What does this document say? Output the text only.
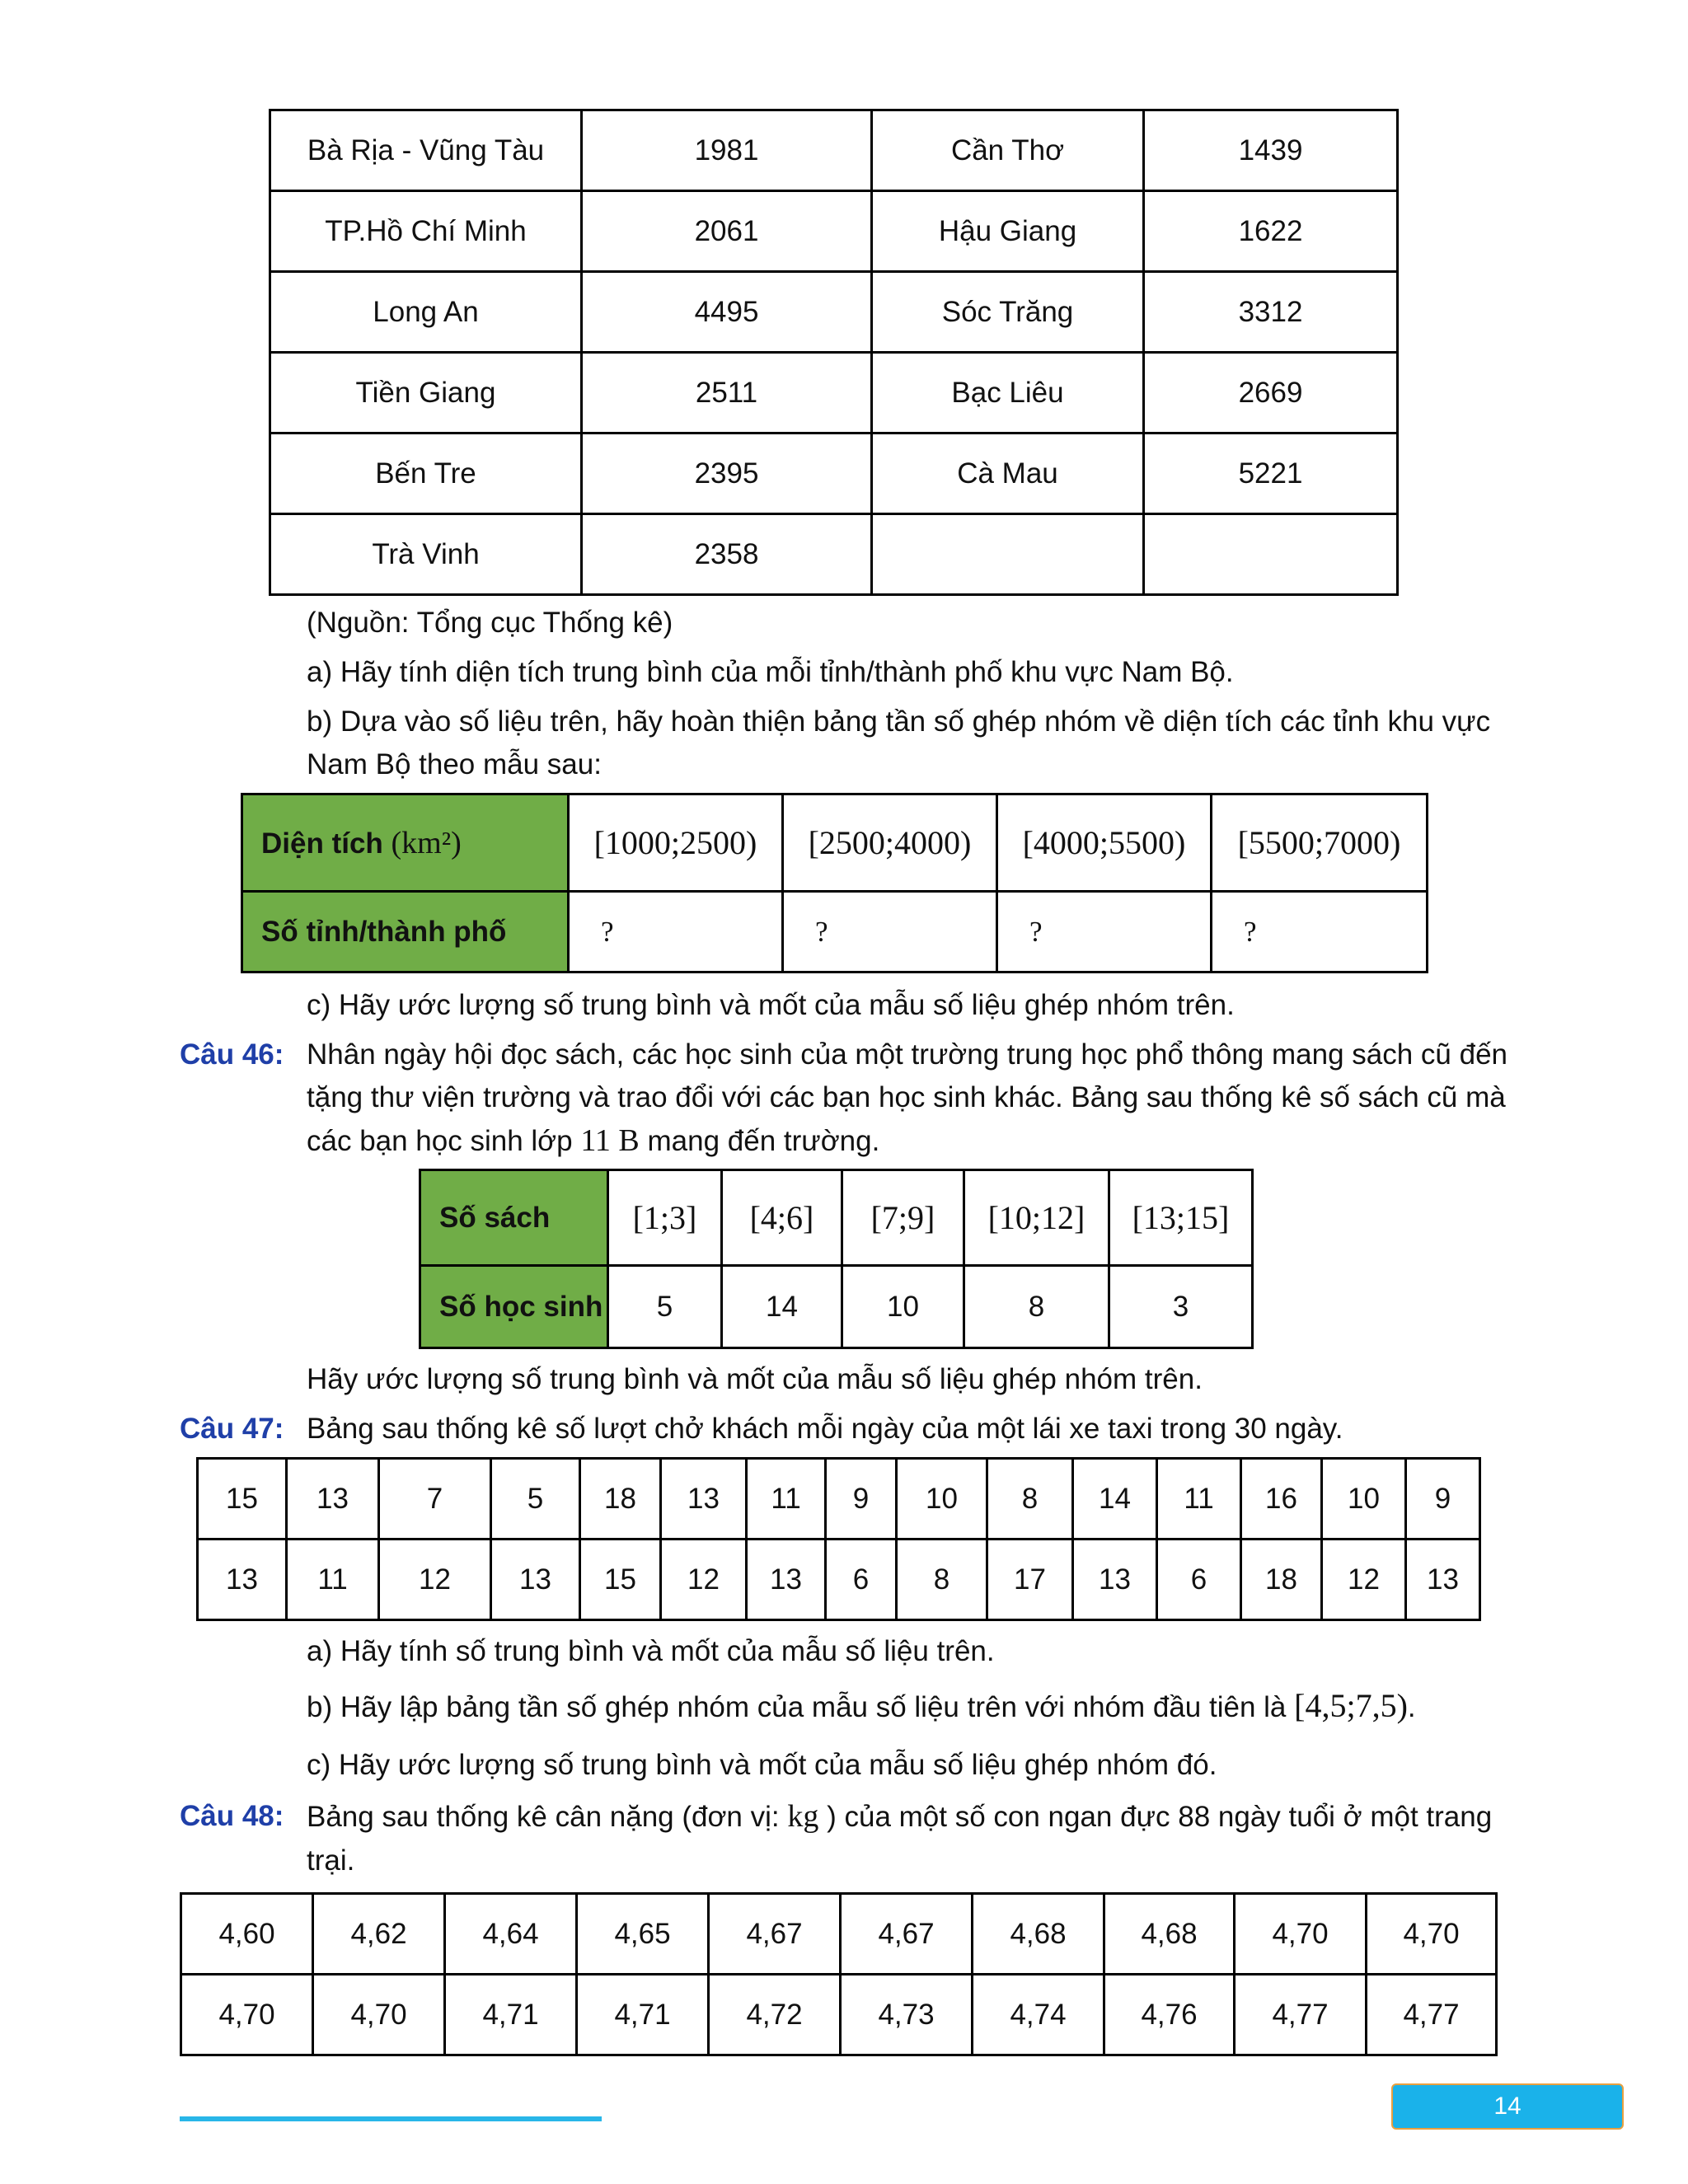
Bà Rịa - Vũng Tàu	1981	Cần Thơ	1439
TP.Hồ Chí Minh	2061	Hậu Giang	1622
Long An	4495	Sóc Trăng	3312
Tiền Giang	2511	Bạc Liêu	2669
Bến Tre	2395	Cà Mau	5221
Trà Vinh	2358		
(Nguồn: Tổng cục Thống kê)
a) Hãy tính diện tích trung bình của mỗi tỉnh/thành phố khu vực Nam Bộ.
b) Dựa vào số liệu trên, hãy hoàn thiện bảng tần số ghép nhóm về diện tích các tỉnh khu vực
Nam Bộ theo mẫu sau:
Diện tích (km²)	[1000;2500)	[2500;4000)	[4000;5500)	[5500;7000)
Số tỉnh/thành phố	?	?	?	?
c) Hãy ước lượng số trung bình và mốt của mẫu số liệu ghép nhóm trên.
Câu 46: Nhân ngày hội đọc sách, các học sinh của một trường trung học phổ thông mang sách cũ đến
tặng thư viện trường và trao đổi với các bạn học sinh khác. Bảng sau thống kê số sách cũ mà
các bạn học sinh lớp 11 B mang đến trường.
Số sách	[1;3]	[4;6]	[7;9]	[10;12]	[13;15]
Số học sinh	5	14	10	8	3
Hãy ước lượng số trung bình và mốt của mẫu số liệu ghép nhóm trên.
Câu 47: Bảng sau thống kê số lượt chở khách mỗi ngày của một lái xe taxi trong 30 ngày.
15	13	7	5	18	13	11	9	10	8	14	11	16	10	9
13	11	12	13	15	12	13	6	8	17	13	6	18	12	13
a) Hãy tính số trung bình và mốt của mẫu số liệu trên.
b) Hãy lập bảng tần số ghép nhóm của mẫu số liệu trên với nhóm đầu tiên là [4,5;7,5).
c) Hãy ước lượng số trung bình và mốt của mẫu số liệu ghép nhóm đó.
Câu 48: Bảng sau thống kê cân nặng (đơn vị: kg ) của một số con ngan đực 88 ngày tuổi ở một trang
trại.
4,60	4,62	4,64	4,65	4,67	4,67	4,68	4,68	4,70	4,70
4,70	4,70	4,71	4,71	4,72	4,73	4,74	4,76	4,77	4,77
14
